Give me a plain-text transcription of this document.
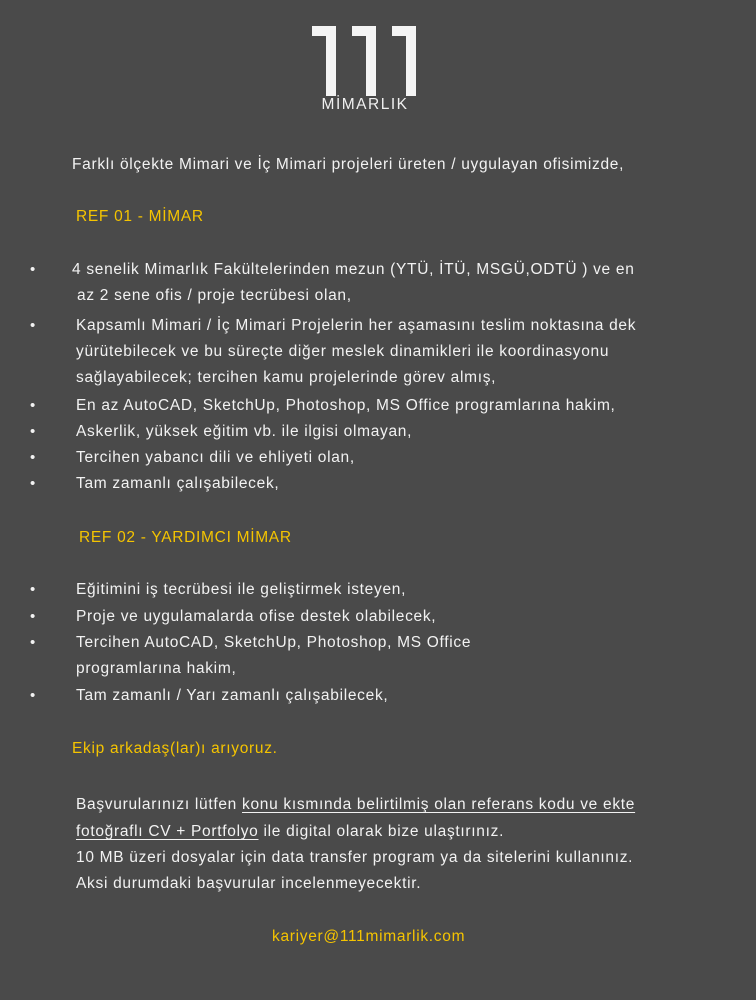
MİMARLIK
Farklı ölçekte Mimari ve İç Mimari projeleri üreten / uygulayan ofisimizde,
REF 01 - MİMAR
• 4 senelik Mimarlık Fakültelerinden mezun (YTÜ, İTÜ, MSGÜ,ODTÜ ) ve en
az 2 sene ofis / proje tecrübesi olan,
•	Kapsamlı Mimari / İç Mimari Projelerin her aşamasını teslim noktasına dek
yürütebilecek ve bu süreçte diğer meslek dinamikleri ile koordinasyonu
sağlayabilecek; tercihen kamu projelerinde görev almış,
•	En az AutoCAD, SketchUp, Photoshop, MS Office programlarına hakim,
•	Askerlik, yüksek eğitim vb. ile ilgisi olmayan,
•	Tercihen yabancı dili ve ehliyeti olan,
•	Tam zamanlı çalışabilecek,
REF 02 - YARDIMCI MİMAR
•	Eğitimini iş tecrübesi ile geliştirmek isteyen,
•	Proje ve uygulamalarda ofise destek olabilecek,
•	Tercihen AutoCAD, SketchUp, Photoshop, MS Office
programlarına hakim,
•	Tam zamanlı / Yarı zamanlı çalışabilecek,
Ekip arkadaş(lar)ı arıyoruz.
Başvurularınızı lütfen konu kısmında belirtilmiş olan referans kodu ve ekte
fotoğraflı CV + Portfolyo ile digital olarak bize ulaştırınız.
10 MB üzeri dosyalar için data transfer program ya da sitelerini kullanınız.
Aksi durumdaki başvurular incelenmeyecektir.
kariyer@111mimarlik.com
